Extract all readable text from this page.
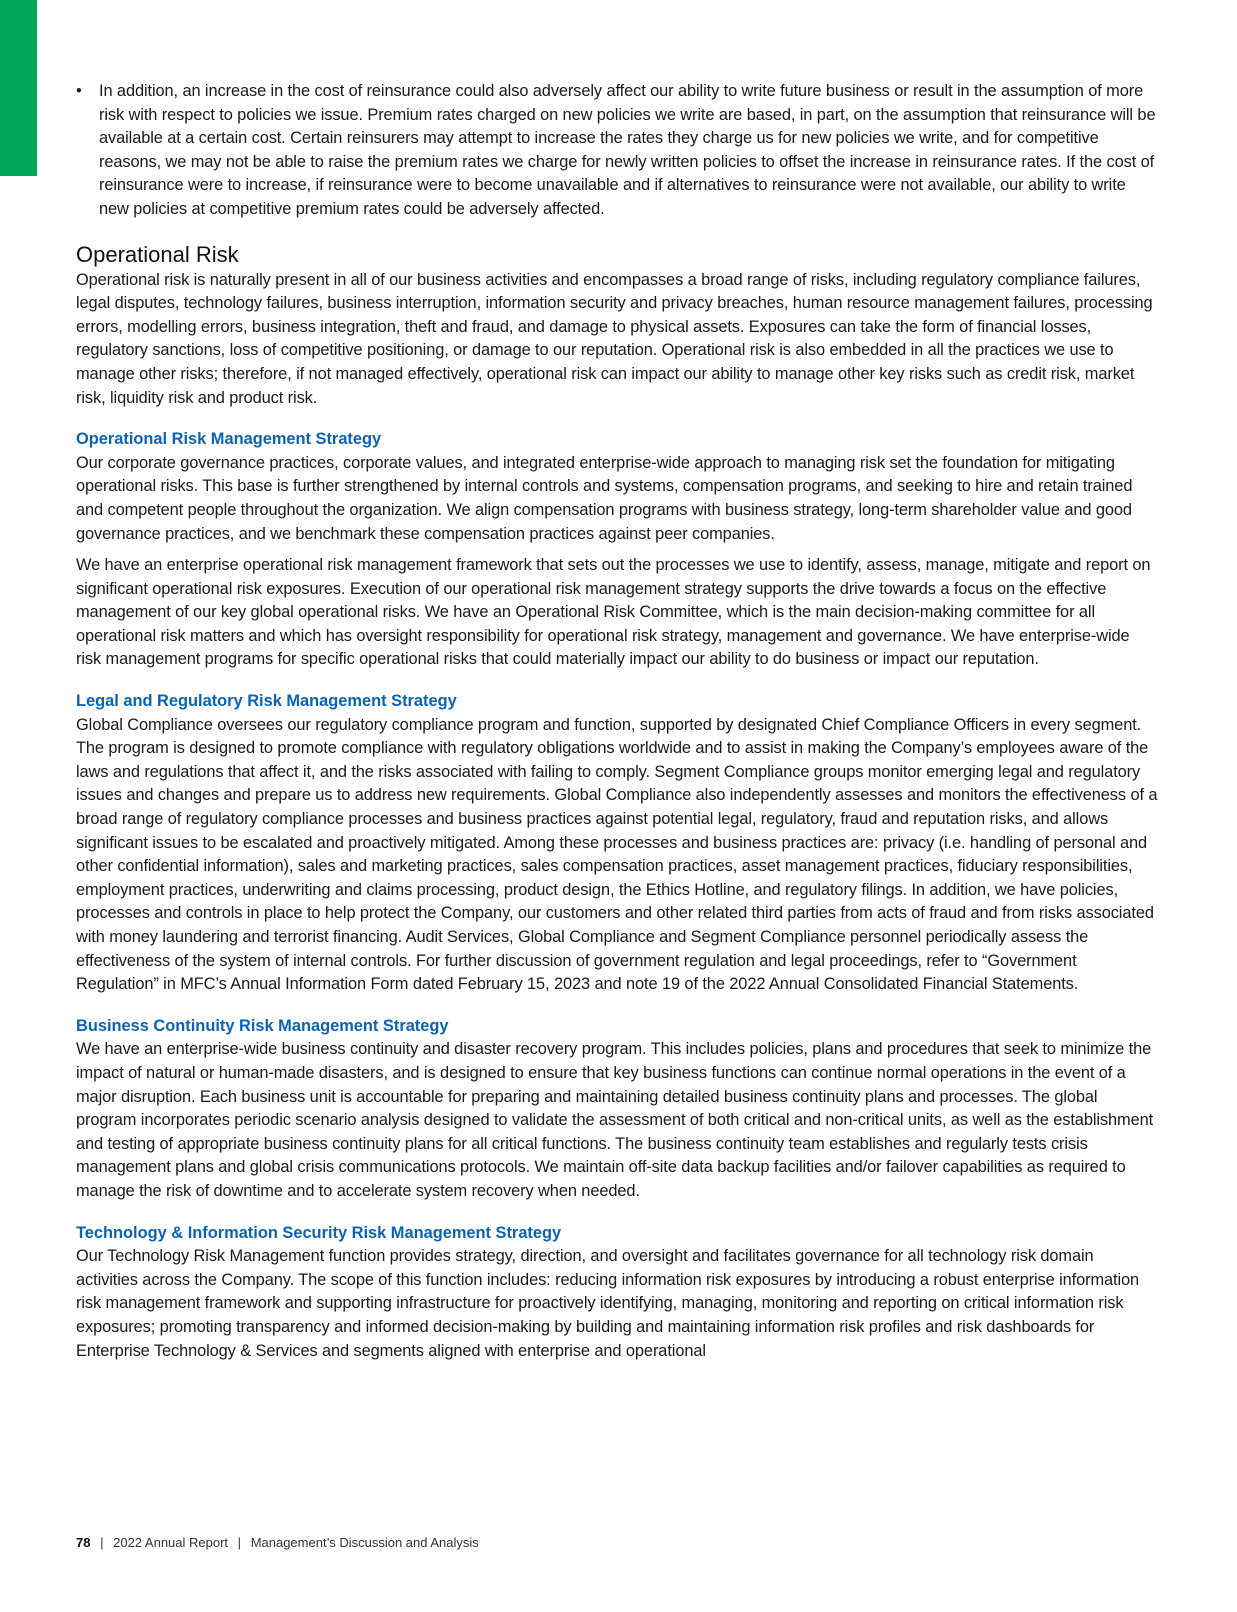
• In addition, an increase in the cost of reinsurance could also adversely affect our ability to write future business or result in the assumption of more risk with respect to policies we issue. Premium rates charged on new policies we write are based, in part, on the assumption that reinsurance will be available at a certain cost. Certain reinsurers may attempt to increase the rates they charge us for new policies we write, and for competitive reasons, we may not be able to raise the premium rates we charge for newly written policies to offset the increase in reinsurance rates. If the cost of reinsurance were to increase, if reinsurance were to become unavailable and if alternatives to reinsurance were not available, our ability to write new policies at competitive premium rates could be adversely affected.
Operational Risk

Operational risk is naturally present in all of our business activities and encompasses a broad range of risks, including regulatory compliance failures, legal disputes, technology failures, business interruption, information security and privacy breaches, human resource management failures, processing errors, modelling errors, business integration, theft and fraud, and damage to physical assets. Exposures can take the form of financial losses, regulatory sanctions, loss of competitive positioning, or damage to our reputation. Operational risk is also embedded in all the practices we use to manage other risks; therefore, if not managed effectively, operational risk can impact our ability to manage other key risks such as credit risk, market risk, liquidity risk and product risk.

Operational Risk Management Strategy

Our corporate governance practices, corporate values, and integrated enterprise-wide approach to managing risk set the foundation for mitigating operational risks. This base is further strengthened by internal controls and systems, compensation programs, and seeking to hire and retain trained and competent people throughout the organization. We align compensation programs with business strategy, long-term shareholder value and good governance practices, and we benchmark these compensation practices against peer companies.

We have an enterprise operational risk management framework that sets out the processes we use to identify, assess, manage, mitigate and report on significant operational risk exposures. Execution of our operational risk management strategy supports the drive towards a focus on the effective management of our key global operational risks. We have an Operational Risk Committee, which is the main decision-making committee for all operational risk matters and which has oversight responsibility for operational risk strategy, management and governance. We have enterprise-wide risk management programs for specific operational risks that could materially impact our ability to do business or impact our reputation.

Legal and Regulatory Risk Management Strategy

Global Compliance oversees our regulatory compliance program and function, supported by designated Chief Compliance Officers in every segment. The program is designed to promote compliance with regulatory obligations worldwide and to assist in making the Company’s employees aware of the laws and regulations that affect it, and the risks associated with failing to comply. Segment Compliance groups monitor emerging legal and regulatory issues and changes and prepare us to address new requirements. Global Compliance also independently assesses and monitors the effectiveness of a broad range of regulatory compliance processes and business practices against potential legal, regulatory, fraud and reputation risks, and allows significant issues to be escalated and proactively mitigated. Among these processes and business practices are: privacy (i.e. handling of personal and other confidential information), sales and marketing practices, sales compensation practices, asset management practices, fiduciary responsibilities, employment practices, underwriting and claims processing, product design, the Ethics Hotline, and regulatory filings. In addition, we have policies, processes and controls in place to help protect the Company, our customers and other related third parties from acts of fraud and from risks associated with money laundering and terrorist financing. Audit Services, Global Compliance and Segment Compliance personnel periodically assess the effectiveness of the system of internal controls. For further discussion of government regulation and legal proceedings, refer to “Government Regulation” in MFC’s Annual Information Form dated February 15, 2023 and note 19 of the 2022 Annual Consolidated Financial Statements.

Business Continuity Risk Management Strategy

We have an enterprise-wide business continuity and disaster recovery program. This includes policies, plans and procedures that seek to minimize the impact of natural or human-made disasters, and is designed to ensure that key business functions can continue normal operations in the event of a major disruption. Each business unit is accountable for preparing and maintaining detailed business continuity plans and processes. The global program incorporates periodic scenario analysis designed to validate the assessment of both critical and non-critical units, as well as the establishment and testing of appropriate business continuity plans for all critical functions. The business continuity team establishes and regularly tests crisis management plans and global crisis communications protocols. We maintain off-site data backup facilities and/or failover capabilities as required to manage the risk of downtime and to accelerate system recovery when needed.

Technology & Information Security Risk Management Strategy

Our Technology Risk Management function provides strategy, direction, and oversight and facilitates governance for all technology risk domain activities across the Company. The scope of this function includes: reducing information risk exposures by introducing a robust enterprise information risk management framework and supporting infrastructure for proactively identifying, managing, monitoring and reporting on critical information risk exposures; promoting transparency and informed decision-making by building and maintaining information risk profiles and risk dashboards for Enterprise Technology & Services and segments aligned with enterprise and operational

78 | 2022 Annual Report | Management’s Discussion and Analysis
